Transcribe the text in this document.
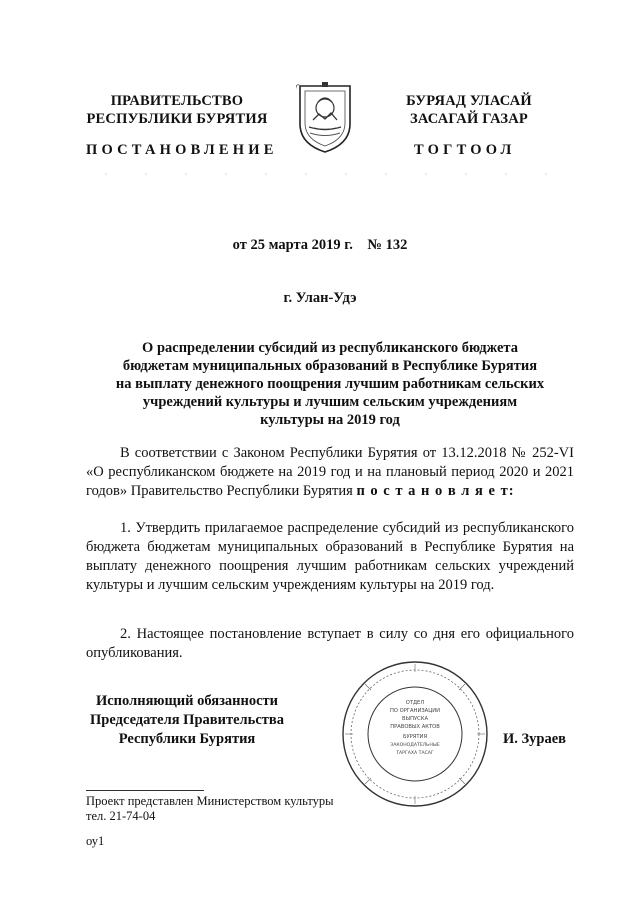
ПРАВИТЕЛЬСТВО
РЕСПУБЛИКИ БУРЯТИЯ
БУРЯАД УЛАСАЙ
ЗАСАГАЙ ГАЗАР
ПОСТАНОВЛЕНИЕ	ТОГТООЛ
от 25 марта 2019 г.    № 132
г. Улан-Удэ
О распределении субсидий из республиканского бюджета
бюджетам муниципальных образований в Республике Бурятия
на выплату денежного поощрения лучшим работникам сельских
учреждений культуры и лучшим сельским учреждениям
культуры на 2019 год
В соответствии с Законом Республики Бурятия от 13.12.2018 № 252-VI «О республиканском бюджете на 2019 год и на плановый период 2020 и 2021 годов» Правительство Республики Бурятия п о с т а н о в л я е т:
1. Утвердить прилагаемое распределение субсидий из республиканского бюджета бюджетам муниципальных образований в Республике Бурятия на выплату денежного поощрения лучшим работникам сельских учреждений культуры и лучшим сельским учреждениям культуры на 2019 год.
2. Настоящее постановление вступает в силу со дня его официального опубликования.
Исполняющий обязанности
Председателя Правительства
Республики Бурятия
ОТДЕЛ
ПО ОРГАНИЗАЦИИ
ВЫПУСКА
ПРАВОВЫХ АКТОВ
БУРЯТИЯ
ЗАКОНОДАТЕЛЬНЫЕ
ТАРГАХА ТАСАГ
И. Зураев
Проект представлен Министерством культуры
тел. 21-74-04
оу1
